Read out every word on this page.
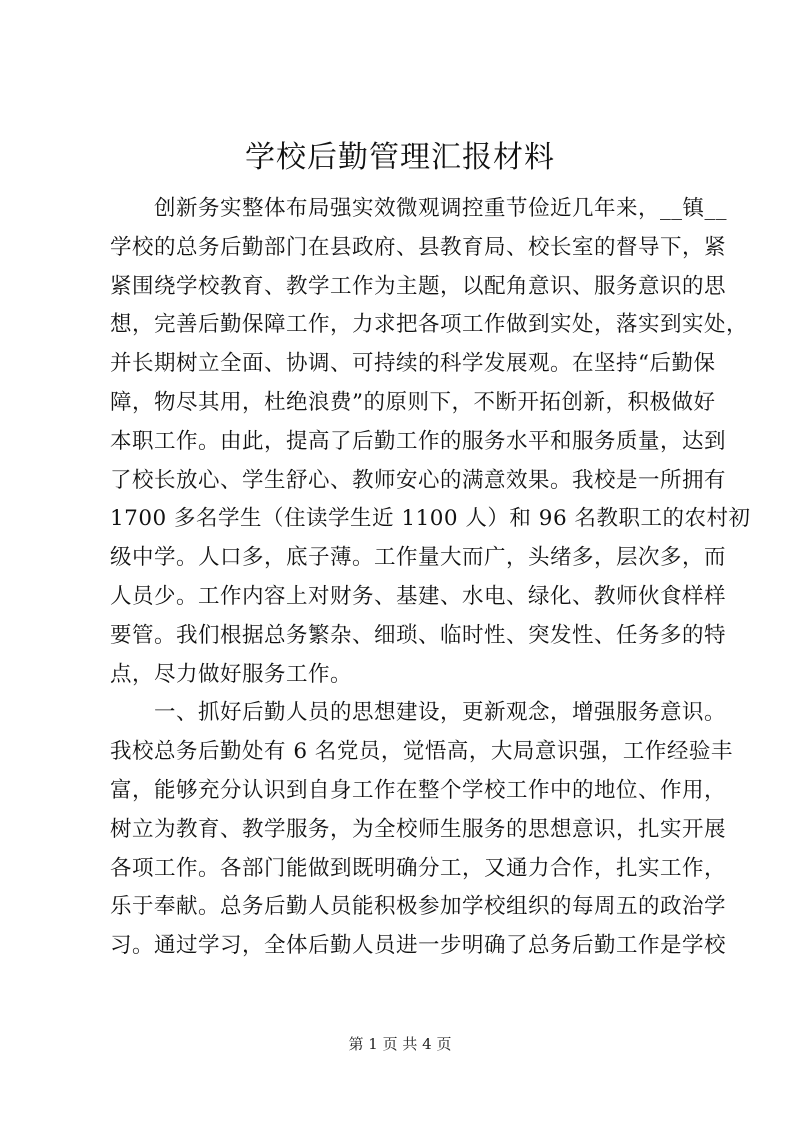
学校后勤管理汇报材料
　　创新务实整体布局强实效微观调控重节俭近几年来，__镇__
学校的总务后勤部门在县政府、县教育局、校长室的督导下，紧
紧围绕学校教育、教学工作为主题，以配角意识、服务意识的思
想，完善后勤保障工作，力求把各项工作做到实处，落实到实处，
并长期树立全面、协调、可持续的科学发展观。在坚持“后勤保
障，物尽其用，杜绝浪费”的原则下，不断开拓创新，积极做好
本职工作。由此，提高了后勤工作的服务水平和服务质量，达到
了校长放心、学生舒心、教师安心的满意效果。我校是一所拥有
1700 多名学生（住读学生近 1100 人）和 96 名教职工的农村初
级中学。人口多，底子薄。工作量大而广，头绪多，层次多，而
人员少。工作内容上对财务、基建、水电、绿化、教师伙食样样
要管。我们根据总务繁杂、细琐、临时性、突发性、任务多的特
点，尽力做好服务工作。
　　一、抓好后勤人员的思想建设，更新观念，增强服务意识。
我校总务后勤处有 6 名党员，觉悟高，大局意识强，工作经验丰
富，能够充分认识到自身工作在整个学校工作中的地位、作用，
树立为教育、教学服务，为全校师生服务的思想意识，扎实开展
各项工作。各部门能做到既明确分工，又通力合作，扎实工作，
乐于奉献。总务后勤人员能积极参加学校组织的每周五的政治学
习。通过学习，全体后勤人员进一步明确了总务后勤工作是学校
第 1 页 共 4 页
